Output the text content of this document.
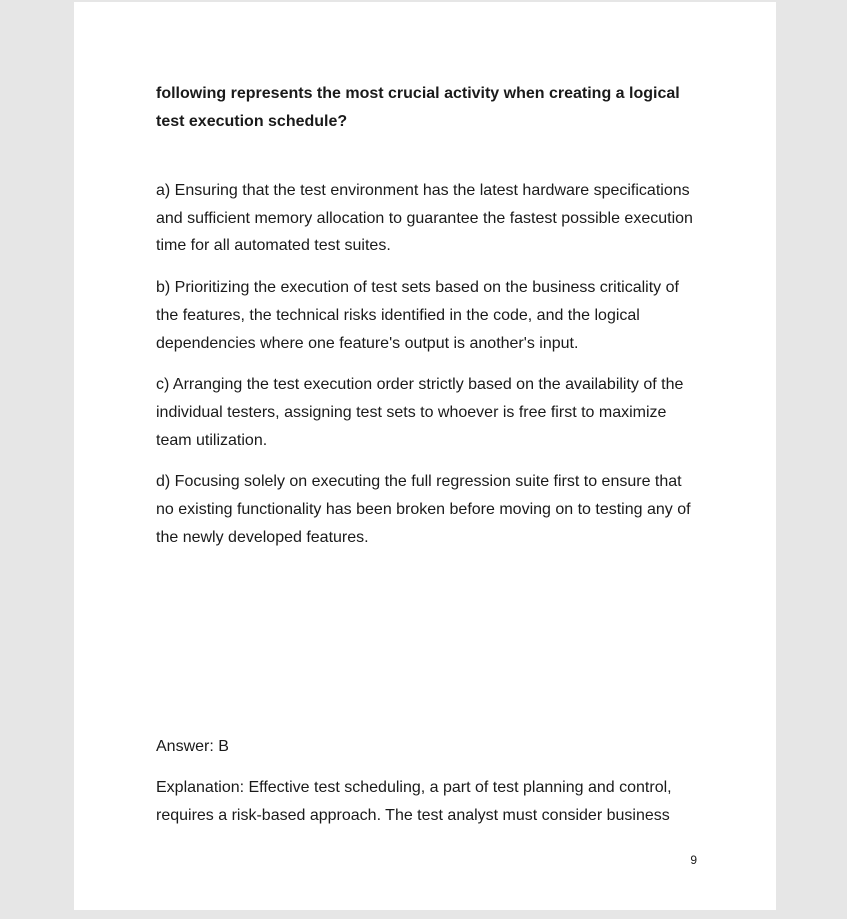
following represents the most crucial activity when creating a logical test execution schedule?

a) Ensuring that the test environment has the latest hardware specifications and sufficient memory allocation to guarantee the fastest possible execution time for all automated test suites.

b) Prioritizing the execution of test sets based on the business criticality of the features, the technical risks identified in the code, and the logical dependencies where one feature's output is another's input.

c) Arranging the test execution order strictly based on the availability of the individual testers, assigning test sets to whoever is free first to maximize team utilization.

d) Focusing solely on executing the full regression suite first to ensure that no existing functionality has been broken before moving on to testing any of the newly developed features.

Answer: B

Explanation: Effective test scheduling, a part of test planning and control, requires a risk-based approach. The test analyst must consider business

9
